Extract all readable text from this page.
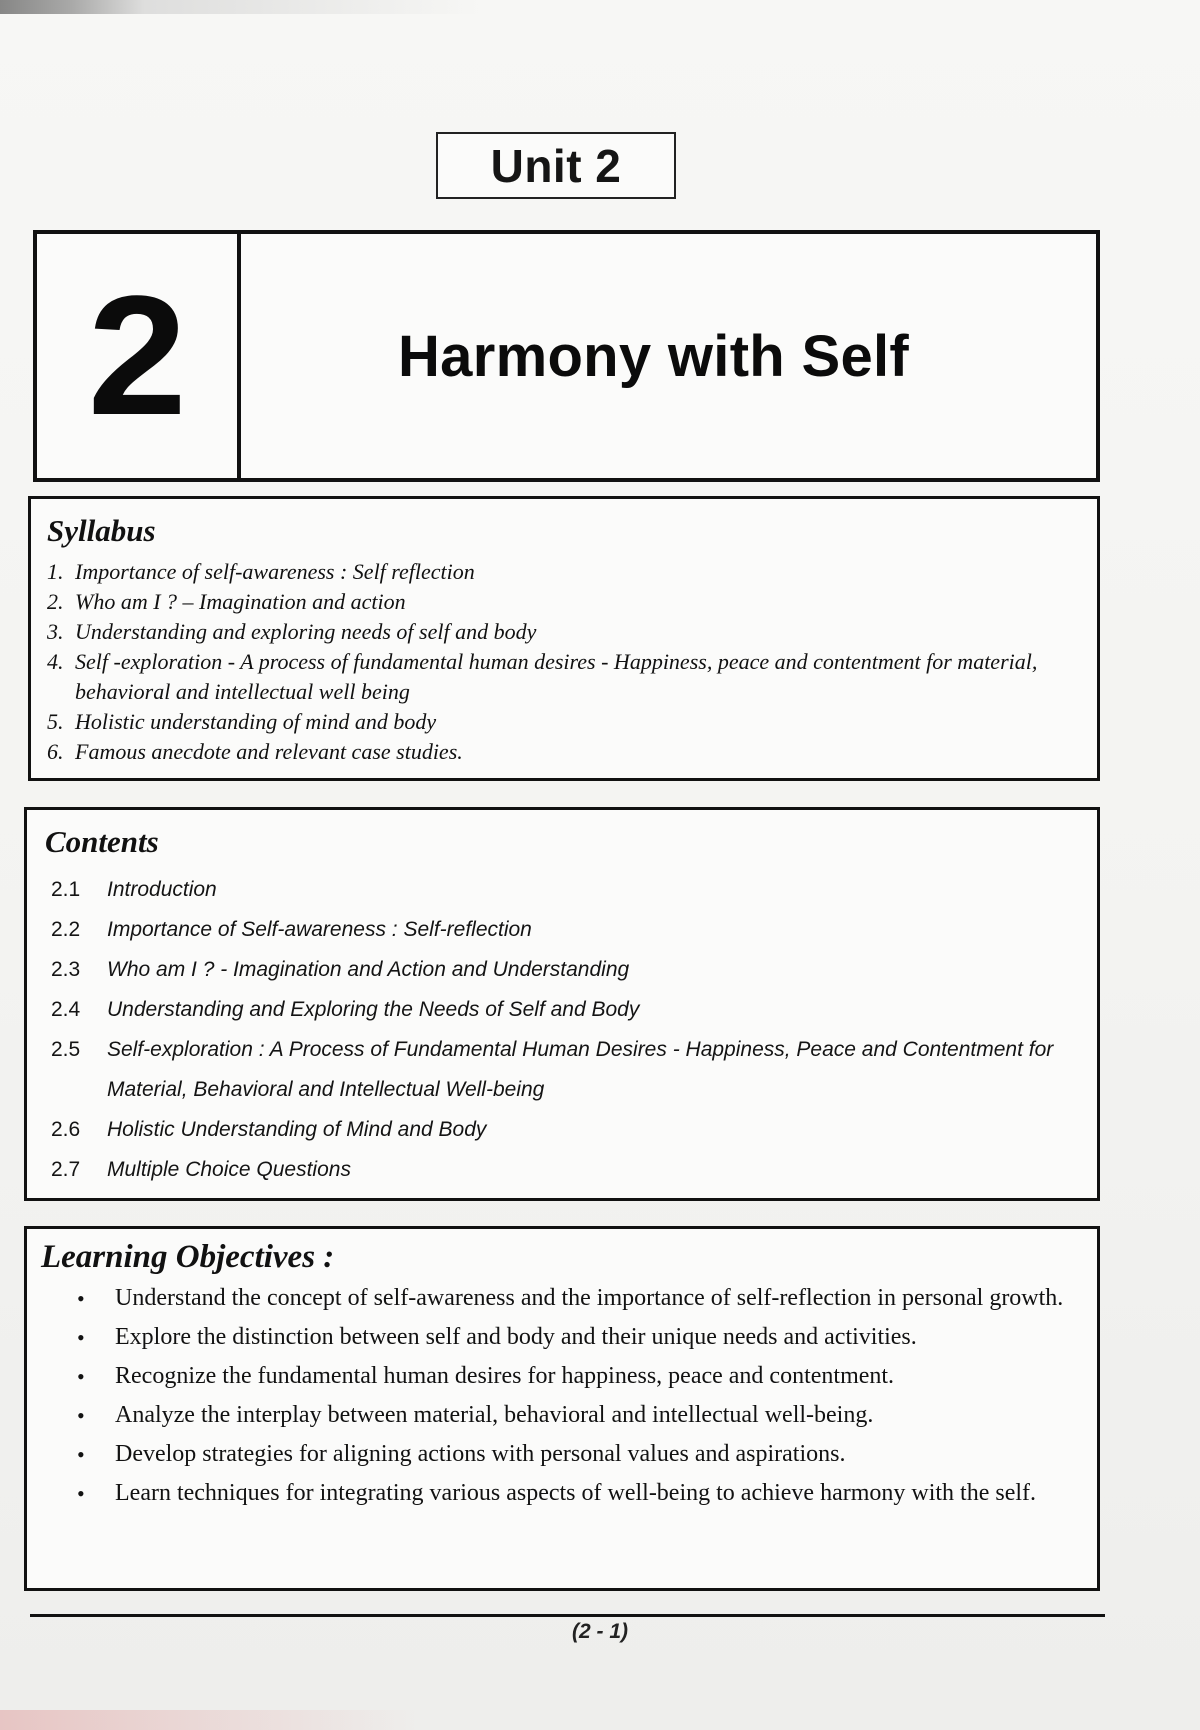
Unit 2
2	Harmony with Self
Syllabus
1. Importance of self-awareness : Self reflection
2. Who am I ? – Imagination and action
3. Understanding and exploring needs of self and body
4. Self -exploration - A process of fundamental human desires - Happiness, peace and contentment for material, behavioral and intellectual well being
5. Holistic understanding of mind and body
6. Famous anecdote and relevant case studies.
Contents
2.1	Introduction
2.2	Importance of Self-awareness : Self-reflection
2.3	Who am I ? - Imagination and Action and Understanding
2.4	Understanding and Exploring the Needs of Self and Body
2.5	Self-exploration : A Process of Fundamental Human Desires - Happiness, Peace and Contentment for Material, Behavioral and Intellectual Well-being
2.6	Holistic Understanding of Mind and Body
2.7	Multiple Choice Questions
Learning Objectives :
•	Understand the concept of self-awareness and the importance of self-reflection in personal growth.
•	Explore the distinction between self and body and their unique needs and activities.
•	Recognize the fundamental human desires for happiness, peace and contentment.
•	Analyze the interplay between material, behavioral and intellectual well-being.
•	Develop strategies for aligning actions with personal values and aspirations.
•	Learn techniques for integrating various aspects of well-being to achieve harmony with the self.
(2 - 1)
